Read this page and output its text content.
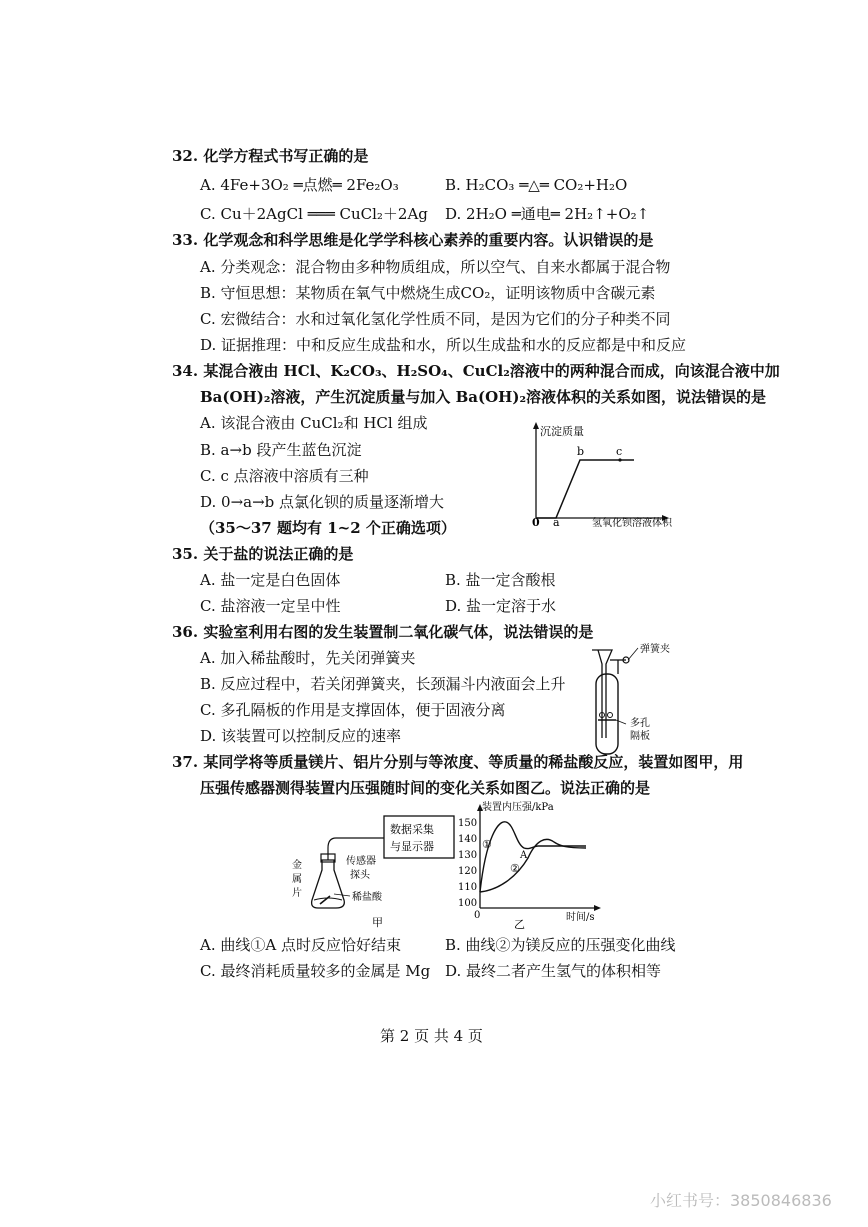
32. 化学方程式书写正确的是
A. 4Fe+3O₂ ═点燃═ 2Fe₂O₃	B. H₂CO₃ ═△═ CO₂+H₂O
C. Cu＋2AgCl ═══ CuCl₂＋2Ag D. 2H₂O ═通电═ 2H₂↑+O₂↑
33. 化学观念和科学思维是化学学科核心素养的重要内容。认识错误的是
A. 分类观念：混合物由多种物质组成，所以空气、自来水都属于混合物
B. 守恒思想：某物质在氧气中燃烧生成CO₂，证明该物质中含碳元素
C. 宏微结合：水和过氧化氢化学性质不同，是因为它们的分子种类不同
D. 证据推理：中和反应生成盐和水，所以生成盐和水的反应都是中和反应
34. 某混合液由 HCl、K₂CO₃、H₂SO₄、CuCl₂溶液中的两种混合而成，向该混合液中加
Ba(OH)₂溶液，产生沉淀质量与加入 Ba(OH)₂溶液体积的关系如图，说法错误的是
A. 该混合液由 CuCl₂和 HCl 组成
B. a→b 段产生蓝色沉淀
C. c 点溶液中溶质有三种
D. 0→a→b 点氯化钡的质量逐渐增大
（35～37 题均有 1~2 个正确选项）
沉淀质量
氢氧化钡溶液体积
0 a
b	c
35. 关于盐的说法正确的是
A. 盐一定是白色固体	B. 盐一定含酸根
C. 盐溶液一定呈中性	D. 盐一定溶于水
36. 实验室利用右图的发生装置制二氧化碳气体，说法错误的是
A. 加入稀盐酸时，先关闭弹簧夹
B. 反应过程中，若关闭弹簧夹，长颈漏斗内液面会上升
C. 多孔隔板的作用是支撑固体，便于固液分离
D. 该装置可以控制反应的速率
弹簧夹
多孔
隔板
37. 某同学将等质量镁片、铝片分别与等浓度、等质量的稀盐酸反应，装置如图甲，用
压强传感器测得装置内压强随时间的变化关系如图乙。说法正确的是
数据采集
与显示器
金
属
片
传感器
探头
稀盐酸
甲
装置内压强/kPa
150
140
130
120
110
100
①
②
A
0	时间/s
乙
A. 曲线①A 点时反应恰好结束	B. 曲线②为镁反应的压强变化曲线
C. 最终消耗质量较多的金属是 Mg D. 最终二者产生氢气的体积相等
第 2 页 共 4 页
小红书号：3850846836
